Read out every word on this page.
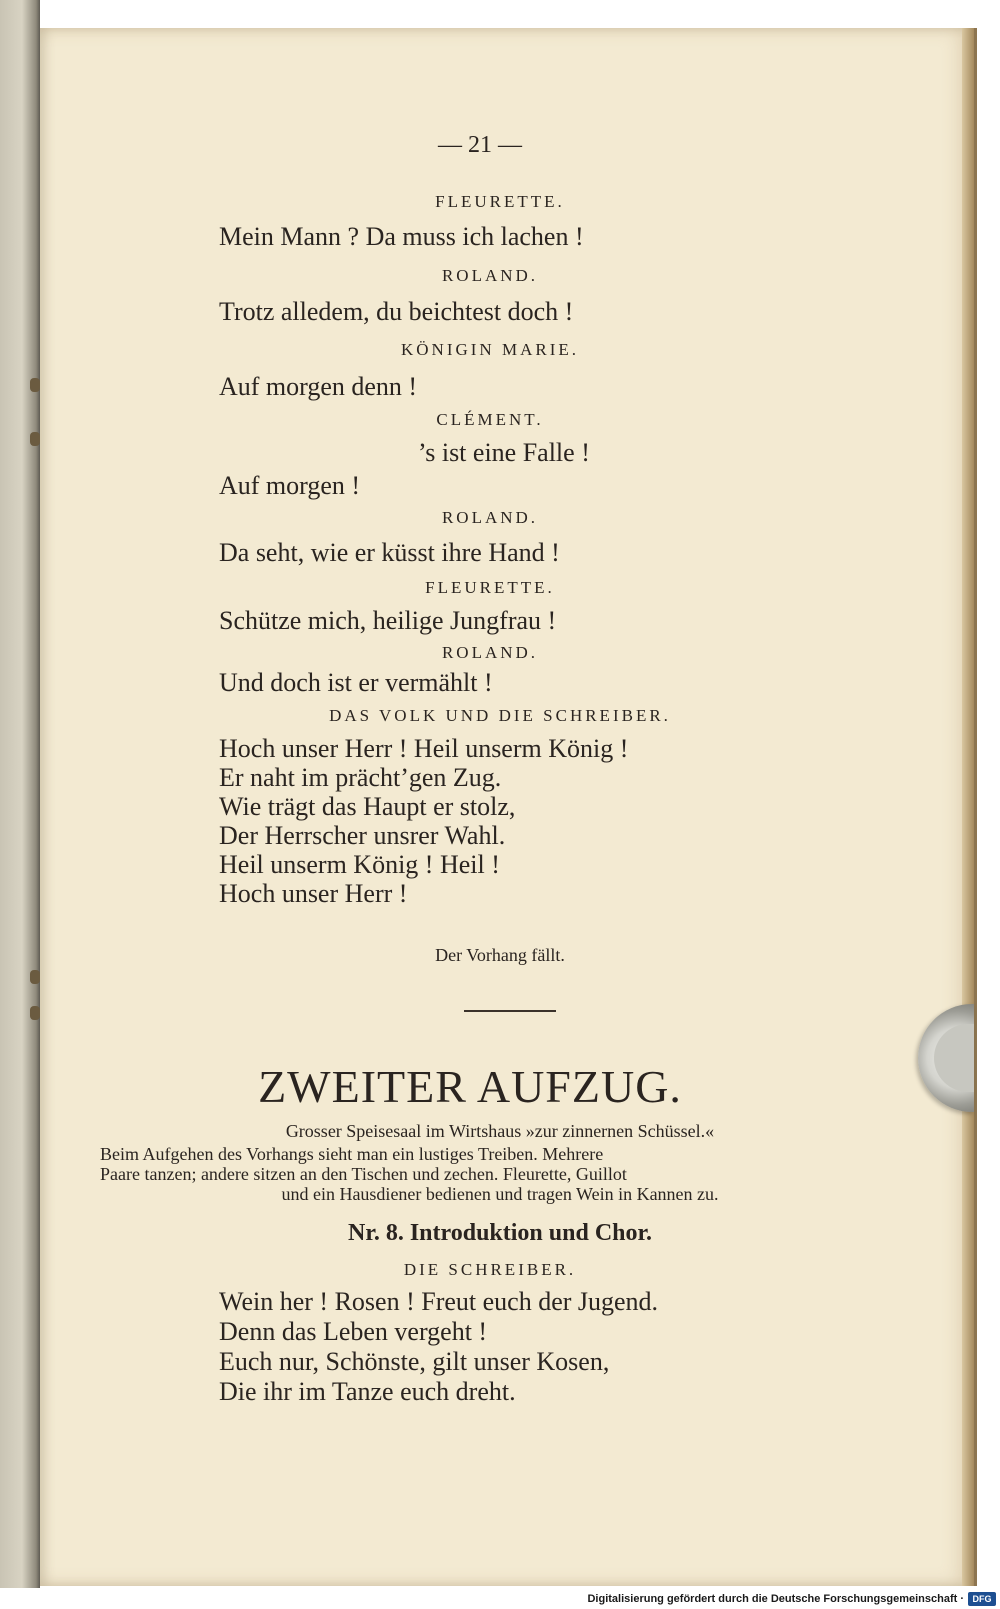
— 21 —
FLEURETTE.
Mein Mann ? Da muss ich lachen !
ROLAND.
Trotz alledem, du beichtest doch !
KÖNIGIN MARIE.
Auf morgen denn !
CLÉMENT.
’s ist eine Falle !
Auf morgen !
ROLAND.
Da seht, wie er küsst ihre Hand !
FLEURETTE.
Schütze mich, heilige Jungfrau !
ROLAND.
Und doch ist er vermählt !
DAS VOLK UND DIE SCHREIBER.
Hoch unser Herr ! Heil unserm König !
Er naht im prächt’gen Zug.
Wie trägt das Haupt er stolz,
Der Herrscher unsrer Wahl.
Heil unserm König ! Heil !
Hoch unser Herr !
Der Vorhang fällt.
ZWEITER AUFZUG.
Grosser Speisesaal im Wirtshaus »zur zinnernen Schüssel.«
Beim Aufgehen des Vorhangs sieht man ein lustiges Treiben. Mehrere
Paare tanzen; andere sitzen an den Tischen und zechen. Fleurette, Guillot
und ein Hausdiener bedienen und tragen Wein in Kannen zu.
Nr. 8. Introduktion und Chor.
DIE SCHREIBER.
Wein her ! Rosen ! Freut euch der Jugend.
Denn das Leben vergeht !
Euch nur, Schönste, gilt unser Kosen,
Die ihr im Tanze euch dreht.
Digitalisierung gefördert durch die Deutsche Forschungsgemeinschaft · DFG
